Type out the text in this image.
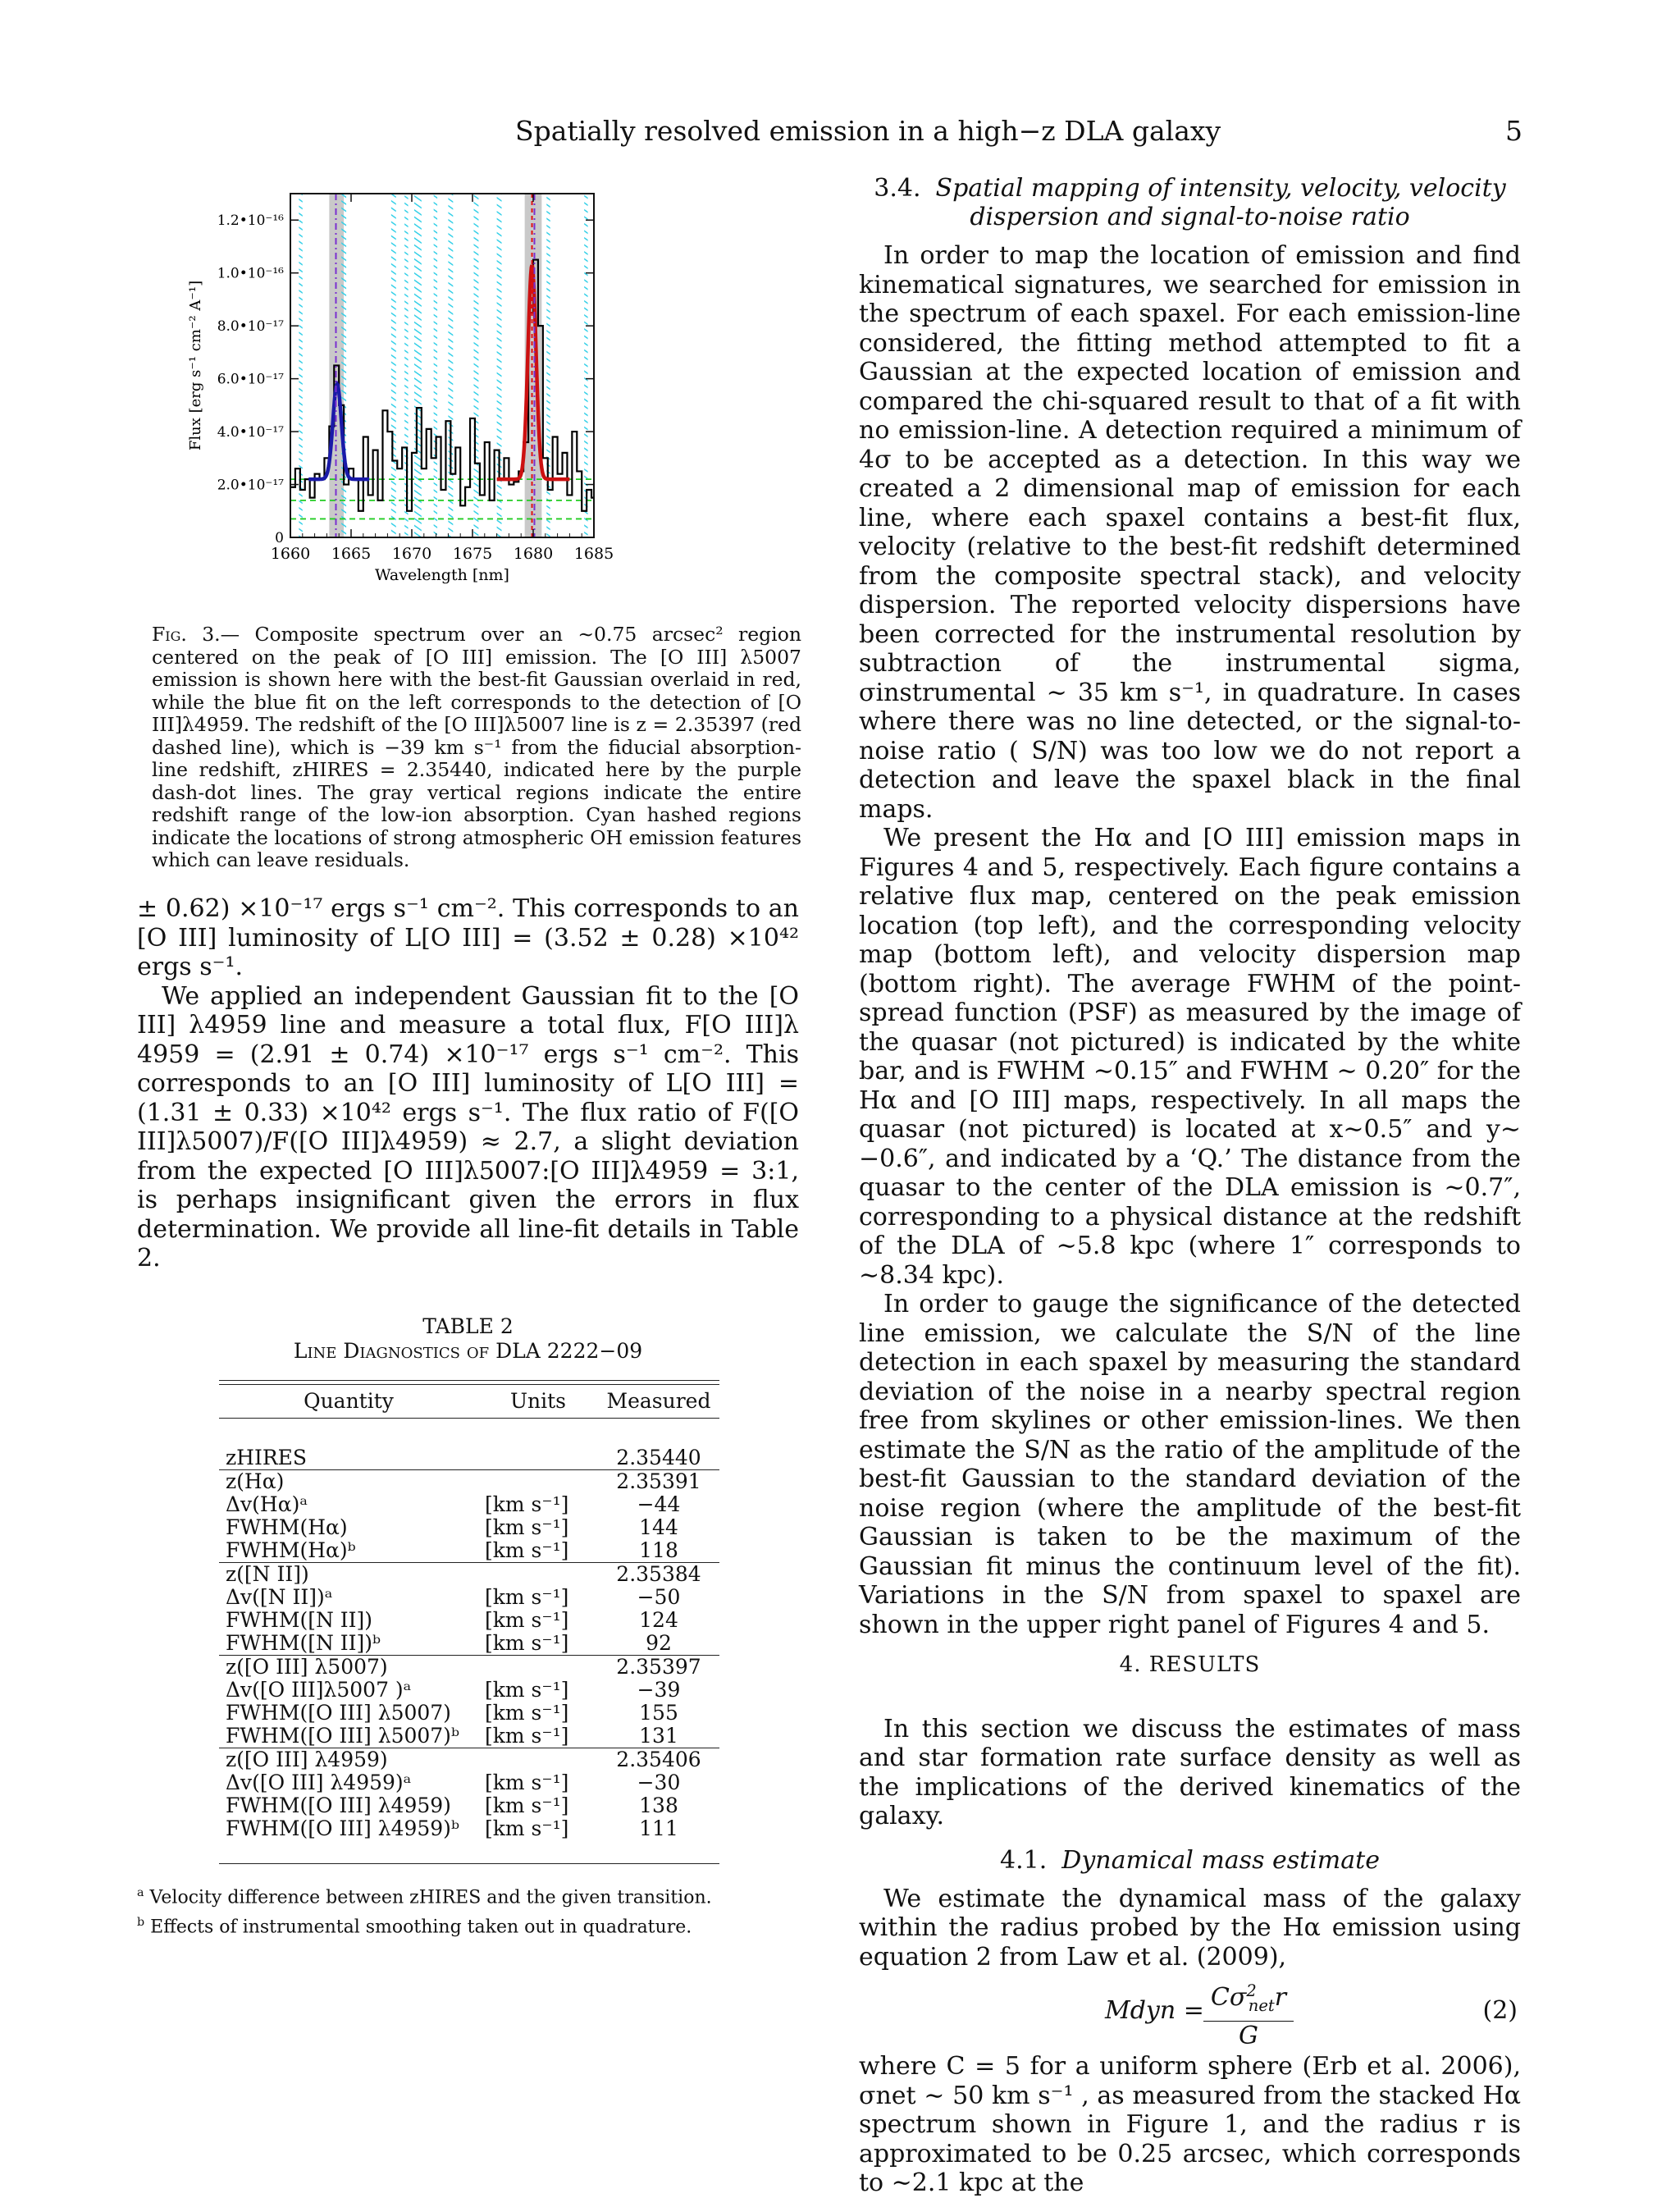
Spatially resolved emission in a high−z DLA galaxy	5
1660 1665 1670 1675 1680 1685
0
2.0•10⁻¹⁷
4.0•10⁻¹⁷
6.0•10⁻¹⁷
8.0•10⁻¹⁷
1.0•10⁻¹⁶
1.2•10⁻¹⁶
Wavelength [nm]
Flux [erg s⁻¹ cm⁻² A⁻¹]
Fig. 3.— Composite spectrum over an ∼0.75 arcsec² region centered on the peak of [O III] emission. The [O III] λ5007 emission is shown here with the best-fit Gaussian overlaid in red, while the blue fit on the left corresponds to the detection of [O III]λ4959. The redshift of the [O III]λ5007 line is z = 2.35397 (red dashed line), which is −39 km s⁻¹ from the fiducial absorption-line redshift, zHIRES = 2.35440, indicated here by the purple dash-dot lines. The gray vertical regions indicate the entire redshift range of the low-ion absorption. Cyan hashed regions indicate the locations of strong atmospheric OH emission features which can leave residuals.

± 0.62) ×10⁻¹⁷ ergs s⁻¹ cm⁻². This corresponds to an [O III] luminosity of L[O III] = (3.52 ± 0.28) ×10⁴² ergs s⁻¹.

We applied an independent Gaussian fit to the [O III] λ4959 line and measure a total flux, F[O III]λ 4959 = (2.91 ± 0.74) ×10⁻¹⁷ ergs s⁻¹ cm⁻². This corresponds to an [O III] luminosity of L[O III] = (1.31 ± 0.33) ×10⁴² ergs s⁻¹. The flux ratio of F([O III]λ5007)/F([O III]λ4959) ≈ 2.7, a slight deviation from the expected [O III]λ5007:[O III]λ4959 = 3:1, is perhaps insignificant given the errors in flux determination. We provide all line-fit details in Table 2.

TABLE 2
Line Diagnostics of DLA 2222−09
Quantity	Units	Measured

zHIRES		2.35440
z(Hα)		2.35391
Δv(Hα)ᵃ	[km s⁻¹]	−44
FWHM(Hα)	[km s⁻¹]	144
FWHM(Hα)ᵇ	[km s⁻¹]	118
z([N II])		2.35384
Δv([N II])ᵃ	[km s⁻¹]	−50
FWHM([N II])	[km s⁻¹]	124
FWHM([N II])ᵇ	[km s⁻¹]	92
z([O III] λ5007)		2.35397
Δv([O III]λ5007 )ᵃ	[km s⁻¹]	−39
FWHM([O III] λ5007)	[km s⁻¹]	155
FWHM([O III] λ5007)ᵇ	[km s⁻¹]	131
z([O III] λ4959)		2.35406
Δv([O III] λ4959)ᵃ	[km s⁻¹]	−30
FWHM([O III] λ4959)	[km s⁻¹]	138
FWHM([O III] λ4959)ᵇ	[km s⁻¹]	111
$^a$ Velocity difference between zHIRES and the given transition.
$^b$ Effects of instrumental smoothing taken out in quadrature.
3.4. Spatial mapping of intensity, velocity, velocity dispersion and signal-to-noise ratio

In order to map the location of emission and find kinematical signatures, we searched for emission in the spectrum of each spaxel. For each emission-line considered, the fitting method attempted to fit a Gaussian at the expected location of emission and compared the chi-squared result to that of a fit with no emission-line. A detection required a minimum of 4σ to be accepted as a detection. In this way we created a 2 dimensional map of emission for each line, where each spaxel contains a best-fit flux, velocity (relative to the best-fit redshift determined from the composite spectral stack), and velocity dispersion. The reported velocity dispersions have been corrected for the instrumental resolution by subtraction of the instrumental sigma, σinstrumental ∼ 35 km s⁻¹, in quadrature. In cases where there was no line detected, or the signal-to-noise ratio ( S/N) was too low we do not report a detection and leave the spaxel black in the final maps.

We present the Hα and [O III] emission maps in Figures 4 and 5, respectively. Each figure contains a relative flux map, centered on the peak emission location (top left), and the corresponding velocity map (bottom left), and velocity dispersion map (bottom right). The average FWHM of the point-spread function (PSF) as measured by the image of the quasar (not pictured) is indicated by the white bar, and is FWHM ∼0.15″ and FWHM ∼ 0.20″ for the Hα and [O III] maps, respectively. In all maps the quasar (not pictured) is located at x∼0.5″ and y∼ −0.6″, and indicated by a ‘Q.’ The distance from the quasar to the center of the DLA emission is ∼0.7″, corresponding to a physical distance at the redshift of the DLA of ∼5.8 kpc (where 1″ corresponds to ∼8.34 kpc).

In order to gauge the significance of the detected line emission, we calculate the S/N of the line detection in each spaxel by measuring the standard deviation of the noise in a nearby spectral region free from skylines or other emission-lines. We then estimate the S/N as the ratio of the amplitude of the best-fit Gaussian to the standard deviation of the noise region (where the amplitude of the best-fit Gaussian is taken to be the maximum of the Gaussian fit minus the continuum level of the fit). Variations in the S/N from spaxel to spaxel are shown in the upper right panel of Figures 4 and 5.

4. RESULTS

In this section we discuss the estimates of mass and star formation rate surface density as well as the implications of the derived kinematics of the galaxy.

4.1. Dynamical mass estimate

We estimate the dynamical mass of the galaxy within the radius probed by the Hα emission using equation 2 from Law et al. (2009),

Mdyn = $C\sigma^2_{net}r$
G
(2)

where C = 5 for a uniform sphere (Erb et al. 2006), σnet ∼ 50 km s⁻¹ , as measured from the stacked Hα spectrum shown in Figure 1, and the radius r is approximated to be 0.25 arcsec, which corresponds to ∼2.1 kpc at the
